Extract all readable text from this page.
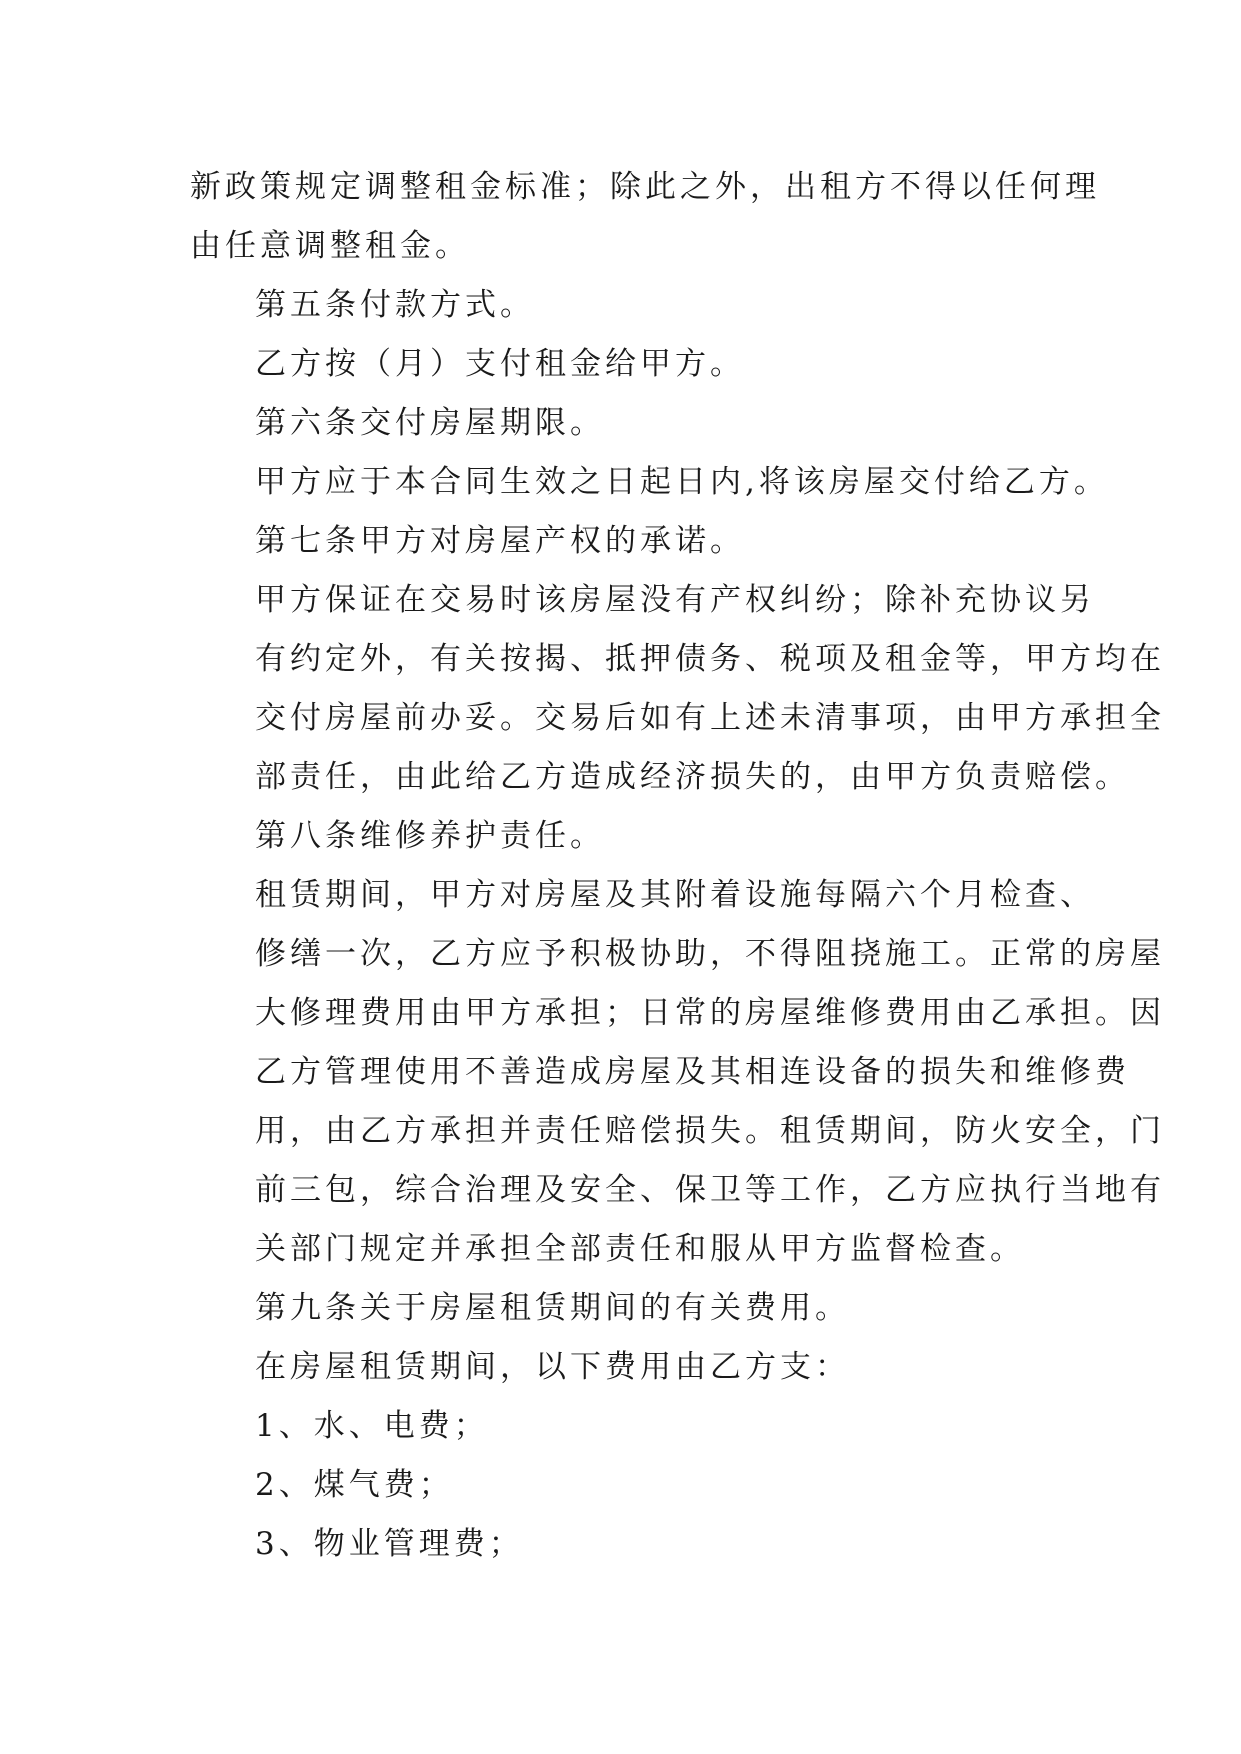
新政策规定调整租金标准；除此之外，出租方不得以任何理
由任意调整租金。

第五条付款方式。

乙方按（月）支付租金给甲方。

第六条交付房屋期限。

甲方应于本合同生效之日起日内,将该房屋交付给乙方。

第七条甲方对房屋产权的承诺。

甲方保证在交易时该房屋没有产权纠纷；除补充协议另
有约定外，有关按揭、抵押债务、税项及租金等，甲方均在
交付房屋前办妥。交易后如有上述未清事项，由甲方承担全
部责任，由此给乙方造成经济损失的，由甲方负责赔偿。

第八条维修养护责任。

租赁期间，甲方对房屋及其附着设施每隔六个月检查、
修缮一次，乙方应予积极协助，不得阻挠施工。正常的房屋
大修理费用由甲方承担；日常的房屋维修费用由乙承担。因
乙方管理使用不善造成房屋及其相连设备的损失和维修费
用，由乙方承担并责任赔偿损失。租赁期间，防火安全，门
前三包，综合治理及安全、保卫等工作，乙方应执行当地有
关部门规定并承担全部责任和服从甲方监督检查。

第九条关于房屋租赁期间的有关费用。

在房屋租赁期间，以下费用由乙方支：

1、水、电费；

2、煤气费；

3、物业管理费；
